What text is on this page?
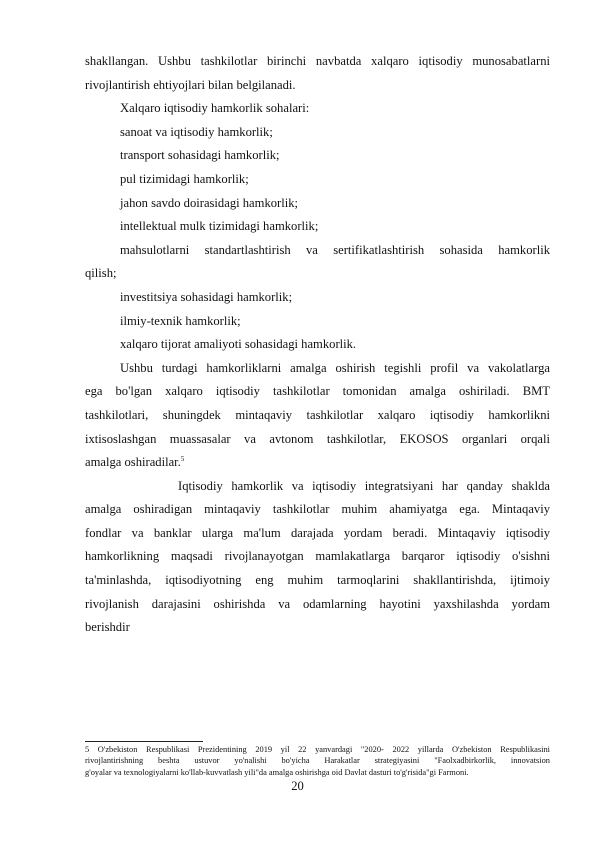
shakllangan. Ushbu tashkilotlar birinchi navbatda xalqaro iqtisodiy munosabatlarni
rivojlantirish ehtiyojlari bilan belgilanadi.
Xalqaro iqtisodiy hamkorlik sohalari:
sanoat va iqtisodiy hamkorlik;
transport sohasidagi hamkorlik;
pul tizimidagi hamkorlik;
jahon savdo doirasidagi hamkorlik;
intellektual mulk tizimidagi hamkorlik;
mahsulotlarni standartlashtirish va sertifikatlashtirish sohasida hamkorlik
qilish;
investitsiya sohasidagi hamkorlik;
ilmiy-texnik hamkorlik;
xalqaro tijorat amaliyoti sohasidagi hamkorlik.
Ushbu turdagi hamkorliklarni amalga oshirish tegishli profil va vakolatlarga
ega bo'lgan xalqaro iqtisodiy tashkilotlar tomonidan amalga oshiriladi. BMT
tashkilotlari, shuningdek mintaqaviy tashkilotlar xalqaro iqtisodiy hamkorlikni
ixtisoslashgan muassasalar va avtonom tashkilotlar, EKOSOS organlari orqali
amalga oshiradilar.$^5$
Iqtisodiy hamkorlik va iqtisodiy integratsiyani har qanday shaklda
amalga oshiradigan mintaqaviy tashkilotlar muhim ahamiyatga ega. Mintaqaviy
fondlar va banklar ularga ma'lum darajada yordam beradi. Mintaqaviy iqtisodiy
hamkorlikning maqsadi rivojlanayotgan mamlakatlarga barqaror iqtisodiy o'sishni
ta'minlashda, iqtisodiyotning eng muhim tarmoqlarini shakllantirishda, ijtimoiy
rivojlanish darajasini oshirishda va odamlarning hayotini yaxshilashda yordam
berishdir
5 O'zbekiston Respublikasi Prezidentining 2019 yil 22 yanvardagi "2020- 2022 yillarda O'zbekiston Respublikasini
rivojlantirishning beshta ustuvor yo'nalishi bo'yicha Harakatlar strategiyasini "Faolxadbirkorlik, innovatsion
g'oyalar va texnologiyalarni ko'llab-kuvvatlash yili"da amalga oshirishga oid Davlat dasturi to'g'risida"gi Farmoni.
20
